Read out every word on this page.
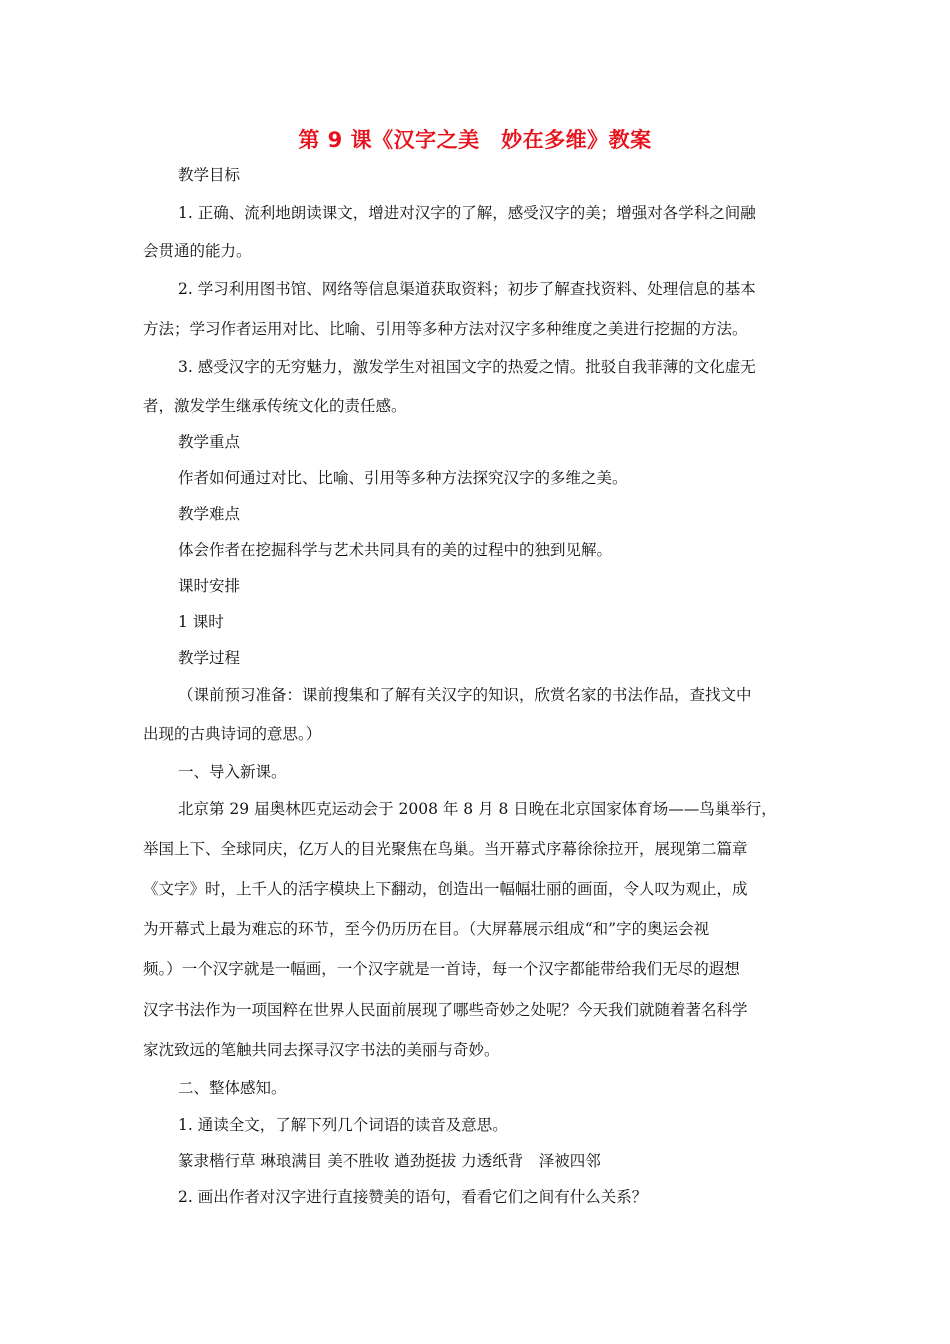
第 9 课《汉字之美　妙在多维》教案
教学目标
1. 正确、流利地朗读课文，增进对汉字的了解，感受汉字的美；增强对各学科之间融
会贯通的能力。
2. 学习利用图书馆、网络等信息渠道获取资料；初步了解查找资料、处理信息的基本
方法；学习作者运用对比、比喻、引用等多种方法对汉字多种维度之美进行挖掘的方法。
3. 感受汉字的无穷魅力，激发学生对祖国文字的热爱之情。批驳自我菲薄的文化虚无
者，激发学生继承传统文化的责任感。
教学重点
作者如何通过对比、比喻、引用等多种方法探究汉字的多维之美。
教学难点
体会作者在挖掘科学与艺术共同具有的美的过程中的独到见解。
课时安排
1 课时
教学过程
（课前预习准备：课前搜集和了解有关汉字的知识，欣赏名家的书法作品，查找文中
出现的古典诗词的意思。）
一、导入新课。
北京第 29 届奥林匹克运动会于 2008 年 8 月 8 日晚在北京国家体育场——鸟巢举行，
举国上下、全球同庆，亿万人的目光聚焦在鸟巢。当开幕式序幕徐徐拉开，展现第二篇章
《文字》时，上千人的活字模块上下翻动，创造出一幅幅壮丽的画面，令人叹为观止，成
为开幕式上最为难忘的环节，至今仍历历在目。（大屏幕展示组成“和”字的奥运会视
频。）一个汉字就是一幅画，一个汉字就是一首诗，每一个汉字都能带给我们无尽的遐想
汉字书法作为一项国粹在世界人民面前展现了哪些奇妙之处呢？今天我们就随着著名科学
家沈致远的笔触共同去探寻汉字书法的美丽与奇妙。
二、整体感知。
1. 通读全文，了解下列几个词语的读音及意思。
篆隶楷行草 琳琅满目 美不胜收 遒劲挺拔 力透纸背　泽被四邻
2. 画出作者对汉字进行直接赞美的语句，看看它们之间有什么关系？
